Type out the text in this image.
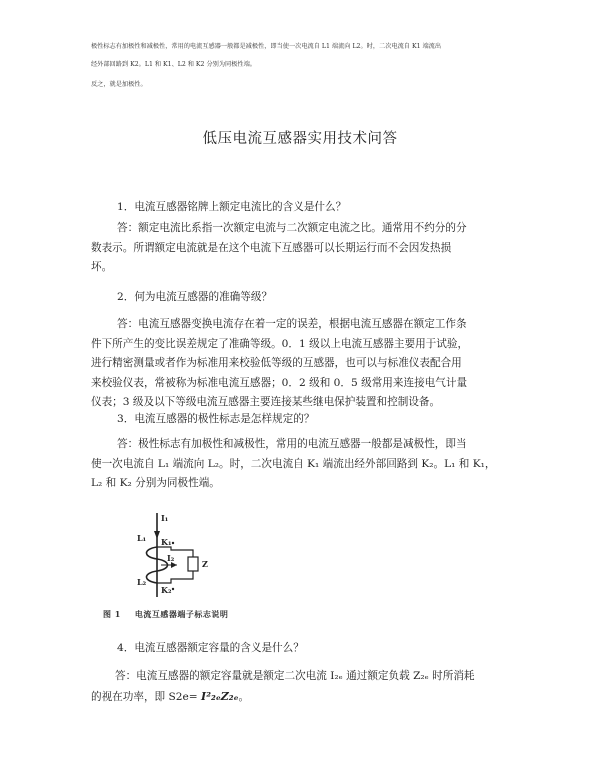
极性标志有加极性和减极性，常用的电流互感器一般都是减极性，即当使一次电流自 L1 端流向 L2。时，二次电流自 K1 端流出
经外部回路到 K2。L1 和 K1、L2 和 K2 分别为同极性端。
反之，就是加极性。
低压电流互感器实用技术问答
1．电流互感器铭牌上额定电流比的含义是什么？
答：额定电流比系指一次额定电流与二次额定电流之比。通常用不约分的分
数表示。所谓额定电流就是在这个电流下互感器可以长期运行而不会因发热损
坏。
2．何为电流互感器的准确等级？
答：电流互感器变换电流存在着一定的误差，根据电流互感器在额定工作条
件下所产生的变比误差规定了准确等级。0．1 级以上电流互感器主要用于试验，
进行精密测量或者作为标准用来校验低等级的互感器，也可以与标准仪表配合用
来校验仪表，常被称为标准电流互感器；0．2 级和 0．5 级常用来连接电气计量
仪表；3 级及以下等级电流互感器主要连接某些继电保护装置和控制设备。
3．电流互感器的极性标志是怎样规定的？
答：极性标志有加极性和减极性，常用的电流互感器一般都是减极性，即当
使一次电流自 L₁ 端流向 L₂。时，二次电流自 K₁ 端流出经外部回路到 K₂。L₁ 和 K₁，
L₂ 和 K₂ 分别为同极性端。
I₁
L₁ K₁
I₂
Z
L₂
K₂
图 1 电流互感器端子标志说明
4．电流互感器额定容量的含义是什么？
答：电流互感器的额定容量就是额定二次电流 I₂ₑ 通过额定负载 Z₂ₑ 时所消耗
的视在功率，即 S2e= I²₂ₑZ₂ₑ。
